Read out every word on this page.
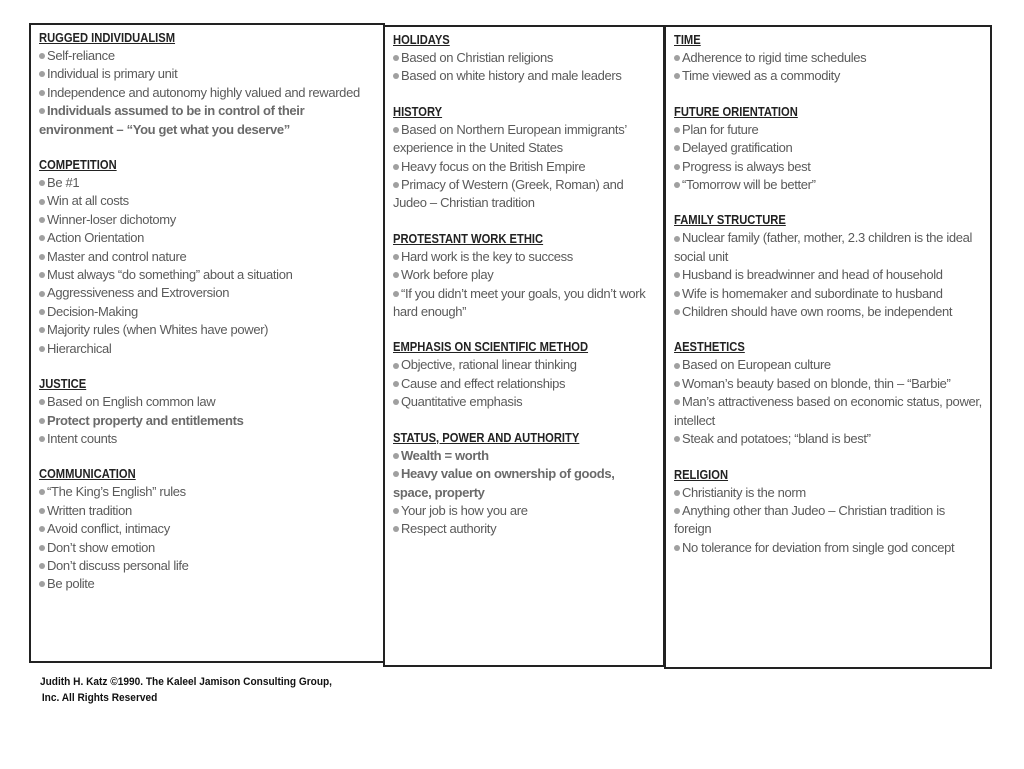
RUGGED INDIVIDUALISM
Self-reliance
Individual is primary unit
Independence and autonomy highly valued and rewarded
Individuals assumed to be in control of their environment – “You get what you deserve”
COMPETITION
Be #1
Win at all costs
Winner-loser dichotomy
Action Orientation
Master and control nature
Must always “do something” about a situation
Aggressiveness and Extroversion
Decision-Making
Majority rules (when Whites have power)
Hierarchical
JUSTICE
Based on English common law
Protect property and entitlements
Intent counts
COMMUNICATION
“The King’s English” rules
Written tradition
Avoid conflict, intimacy
Don’t show emotion
Don’t discuss personal life
Be polite
HOLIDAYS
Based on Christian religions
Based on white history and male leaders
HISTORY
Based on Northern European immigrants’ experience in the United States
Heavy focus on the British Empire
Primacy of Western (Greek, Roman) and Judeo – Christian tradition
PROTESTANT WORK ETHIC
Hard work is the key to success
Work before play
“If you didn’t meet your goals, you didn’t work hard enough”
EMPHASIS ON SCIENTIFIC METHOD
Objective, rational linear thinking
Cause and effect relationships
Quantitative emphasis
STATUS, POWER AND AUTHORITY
Wealth = worth
Heavy value on ownership of goods, space, property
Your job is how you are
Respect authority
TIME
Adherence to rigid time schedules
Time viewed as a commodity
FUTURE ORIENTATION
Plan for future
Delayed gratification
Progress is always best
“Tomorrow will be better”
FAMILY STRUCTURE
Nuclear family (father, mother, 2.3 children is the ideal social unit
Husband is breadwinner and head of household
Wife is homemaker and subordinate to husband
Children should have own rooms, be independent
AESTHETICS
Based on European culture
Woman’s beauty based on blonde, thin – “Barbie”
Man’s attractiveness based on economic status, power, intellect
Steak and potatoes; “bland is best”
RELIGION
Christianity is the norm
Anything other than Judeo – Christian tradition is foreign
No tolerance for deviation from single god concept
Judith H. Katz ©1990. The Kaleel Jamison Consulting Group,
Inc. All Rights Reserved
